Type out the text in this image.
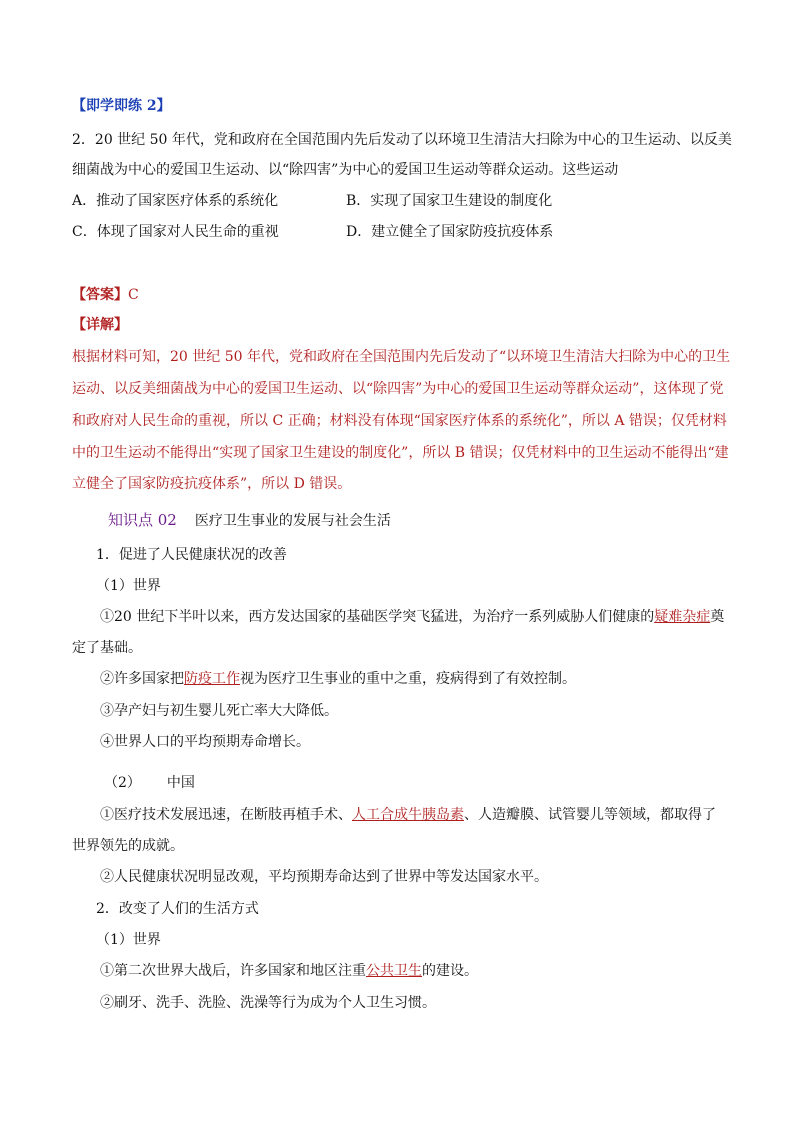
【即学即练 2】
2．20 世纪 50 年代，党和政府在全国范围内先后发动了以环境卫生清洁大扫除为中心的卫生运动、以反美
细菌战为中心的爱国卫生运动、以“除四害”为中心的爱国卫生运动等群众运动。这些运动
A．推动了国家医疗体系的系统化	B．实现了国家卫生建设的制度化
C．体现了国家对人民生命的重视	D．建立健全了国家防疫抗疫体系
【答案】C
【详解】
根据材料可知，20 世纪 50 年代，党和政府在全国范围内先后发动了“以环境卫生清洁大扫除为中心的卫生
运动、以反美细菌战为中心的爱国卫生运动、以“除四害”为中心的爱国卫生运动等群众运动”，这体现了党
和政府对人民生命的重视，所以 C 正确；材料没有体现“国家医疗体系的系统化”，所以 A 错误；仅凭材料
中的卫生运动不能得出“实现了国家卫生建设的制度化”，所以 B 错误；仅凭材料中的卫生运动不能得出“建
立健全了国家防疫抗疫体系”，所以 D 错误。
知识点 02 医疗卫生事业的发展与社会生活
1．促进了人民健康状况的改善
（1）世界
①20 世纪下半叶以来，西方发达国家的基础医学突飞猛进，为治疗一系列威胁人们健康的疑难杂症奠
定了基础。
②许多国家把防疫工作视为医疗卫生事业的重中之重，疫病得到了有效控制。
③孕产妇与初生婴儿死亡率大大降低。
④世界人口的平均预期寿命增长。
（2） 中国
①医疗技术发展迅速，在断肢再植手术、人工合成牛胰岛素、人造瓣膜、试管婴儿等领域，都取得了
世界领先的成就。
②人民健康状况明显改观，平均预期寿命达到了世界中等发达国家水平。
2．改变了人们的生活方式
（1）世界
①第二次世界大战后，许多国家和地区注重公共卫生的建设。
②刷牙、洗手、洗脸、洗澡等行为成为个人卫生习惯。
